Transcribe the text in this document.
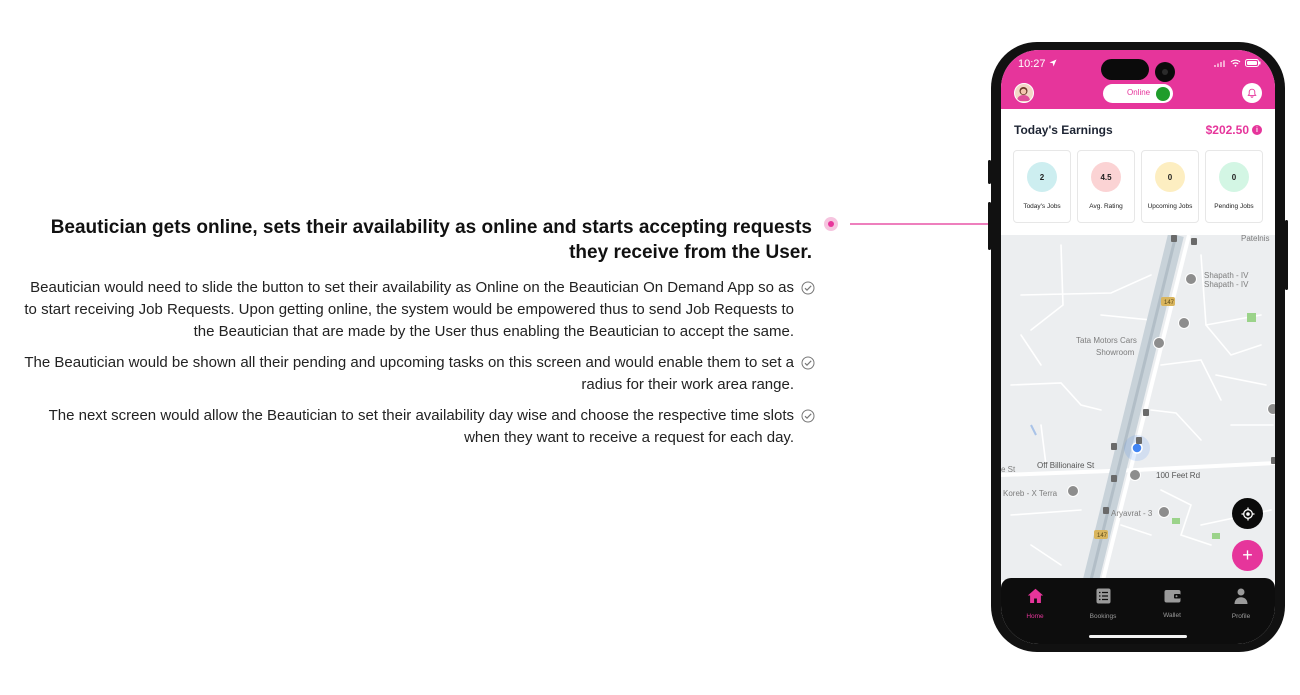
Beautician gets online, sets their availability as online and starts accepting requests they receive from the User.

Beautician would need to slide the button to set their availability as Online on the Beautician On Demand App so as to start receiving Job Requests. Upon getting online, the system would be empowered thus to send Job Requests to the Beautician that are made by the User thus enabling the Beautician to accept the same.

The Beautician would be shown all their pending and upcoming tasks on this screen and would enable them to set a radius for their work area range.

The next screen would allow the Beautician to set their availability day wise and choose the respective time slots when they want to receive a request for each day.

10:27
Online
Today's Earnings	$202.50	i
2
Today's Jobs
4.5
Avg. Rating
0
Upcoming Jobs
0
Pending Jobs
Patelnis
Shapath - IV
Shapath - IV
Tata Motors Cars
Showroom
e St	Off Billionaire St
100 Feet Rd
Koreb - X Terra
Aryavrat - 3
147
147
+
Home	Bookings	Wallet	Profile
